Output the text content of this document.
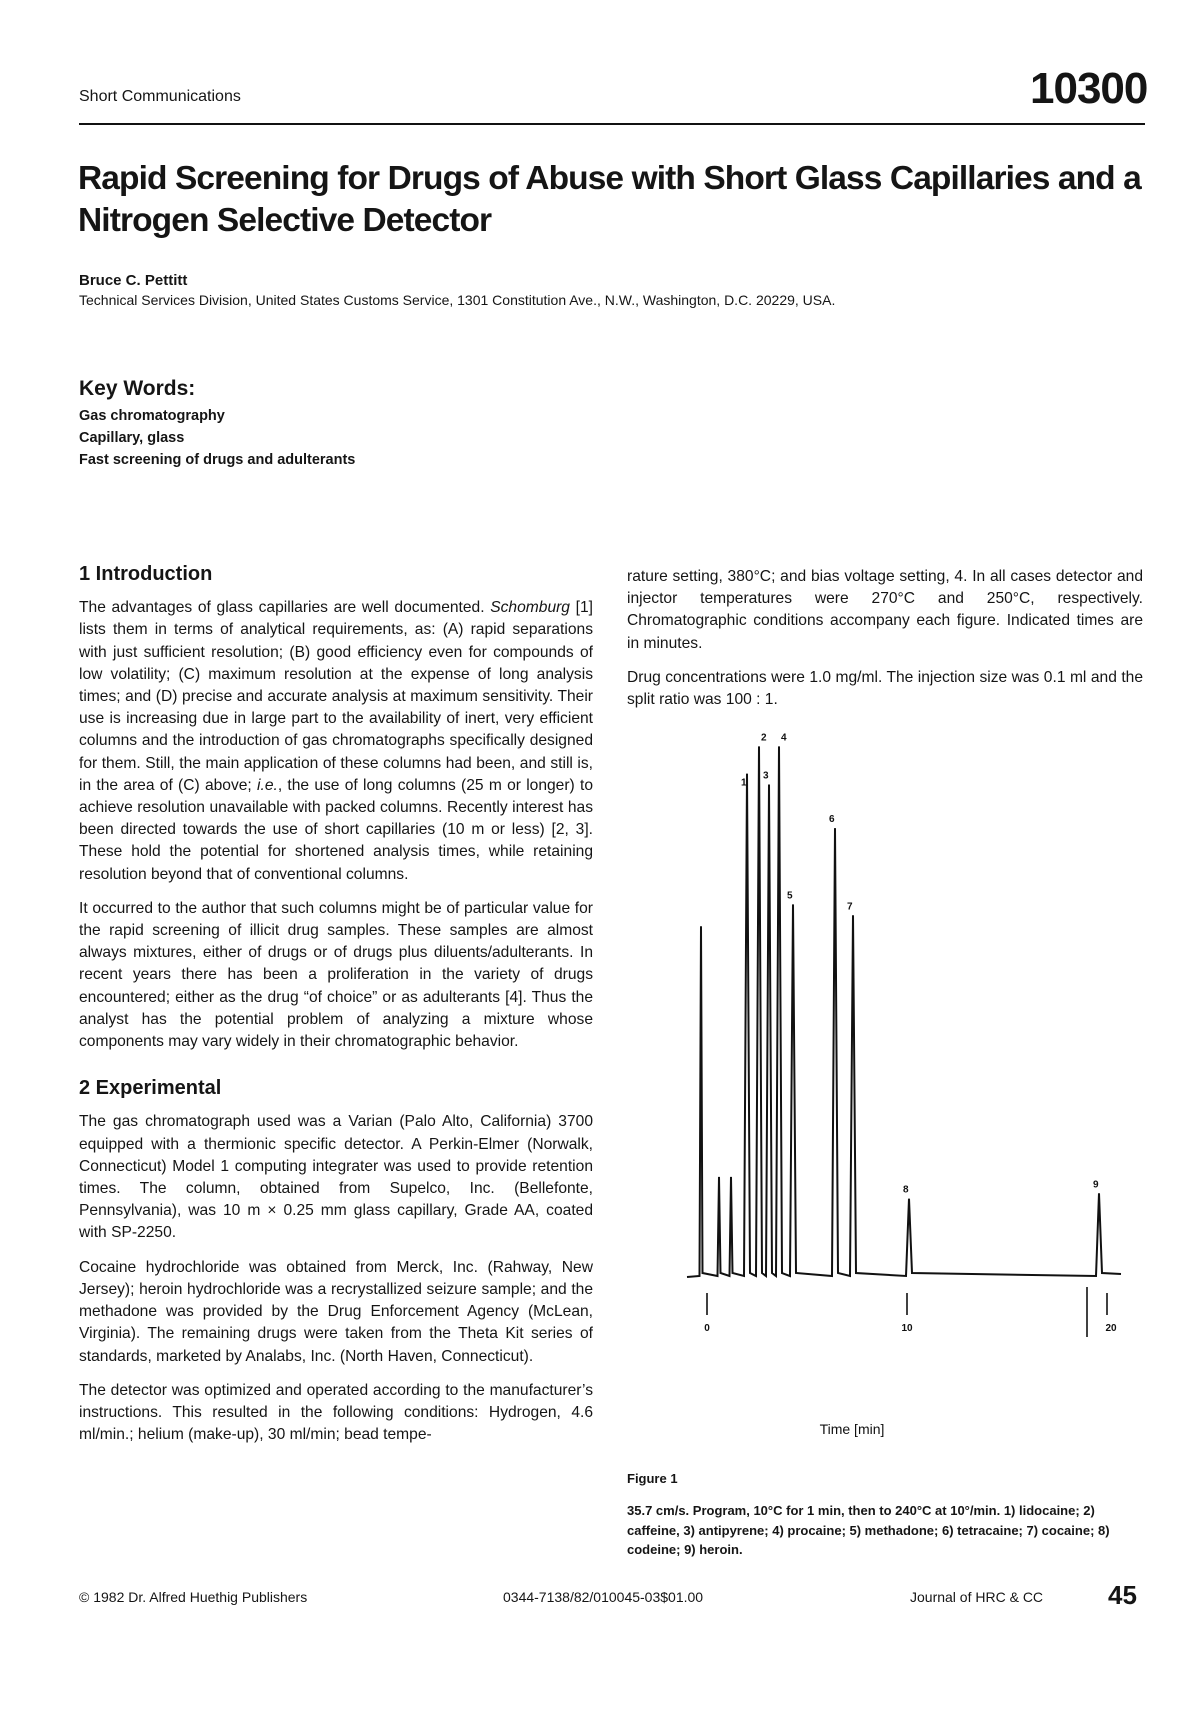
Short Communications	10300
Rapid Screening for Drugs of Abuse with Short Glass Capillaries and a Nitrogen Selective Detector
Bruce C. Pettitt
Technical Services Division, United States Customs Service, 1301 Constitution Ave., N.W., Washington, D.C. 20229, USA.
Key Words:
Gas chromatography
Capillary, glass
Fast screening of drugs and adulterants
1 Introduction

The advantages of glass capillaries are well documented. Schomburg [1] lists them in terms of analytical requirements, as: (A) rapid separations with just sufficient resolution; (B) good efficiency even for compounds of low volatility; (C) maximum resolution at the expense of long analysis times; and (D) precise and accurate analysis at maximum sensitivity. Their use is increasing due in large part to the availability of inert, very efficient columns and the introduction of gas chromatographs specifically designed for them. Still, the main application of these columns had been, and still is, in the area of (C) above; i.e., the use of long columns (25 m or longer) to achieve resolution unavailable with packed columns. Recently interest has been directed towards the use of short capillaries (10 m or less) [2, 3]. These hold the potential for shortened analysis times, while retaining resolution beyond that of conventional columns.

It occurred to the author that such columns might be of particular value for the rapid screening of illicit drug samples. These samples are almost always mixtures, either of drugs or of drugs plus diluents/adulterants. In recent years there has been a proliferation in the variety of drugs encountered; either as the drug “of choice” or as adulterants [4]. Thus the analyst has the potential problem of analyzing a mixture whose components may vary widely in their chromatographic behavior.

2 Experimental

The gas chromatograph used was a Varian (Palo Alto, California) 3700 equipped with a thermionic specific detector. A Perkin-Elmer (Norwalk, Connecticut) Model 1 computing integrater was used to provide retention times. The column, obtained from Supelco, Inc. (Bellefonte, Pennsylvania), was 10 m × 0.25 mm glass capillary, Grade AA, coated with SP-2250.

Cocaine hydrochloride was obtained from Merck, Inc. (Rahway, New Jersey); heroin hydrochloride was a recrystallized seizure sample; and the methadone was provided by the Drug Enforcement Agency (McLean, Virginia). The remaining drugs were taken from the Theta Kit series of standards, marketed by Analabs, Inc. (North Haven, Connecticut).

The detector was optimized and operated according to the manufacturer’s instructions. This resulted in the following conditions: Hydrogen, 4.6 ml/min.; helium (make-up), 30 ml/min; bead tempe-

rature setting, 380°C; and bias voltage setting, 4. In all cases detector and injector temperatures were 270°C and 250°C, respectively. Chromatographic conditions accompany each figure. Indicated times are in minutes.

Drug concentrations were 1.0 mg/ml. The injection size was 0.1 ml and the split ratio was 100 : 1.

1
2
3
4
5
6
7
8	9
0	10	20
Time [min]
Figure 1
35.7 cm/s. Program, 10°C for 1 min, then to 240°C at 10°/min. 1) lidocaine; 2) caffeine, 3) antipyrene; 4) procaine; 5) methadone; 6) tetracaine; 7) cocaine; 8) codeine; 9) heroin.
© 1982 Dr. Alfred Huethig Publishers	0344-7138/82/010045-03$01.00	Journal of HRC & CC 45
